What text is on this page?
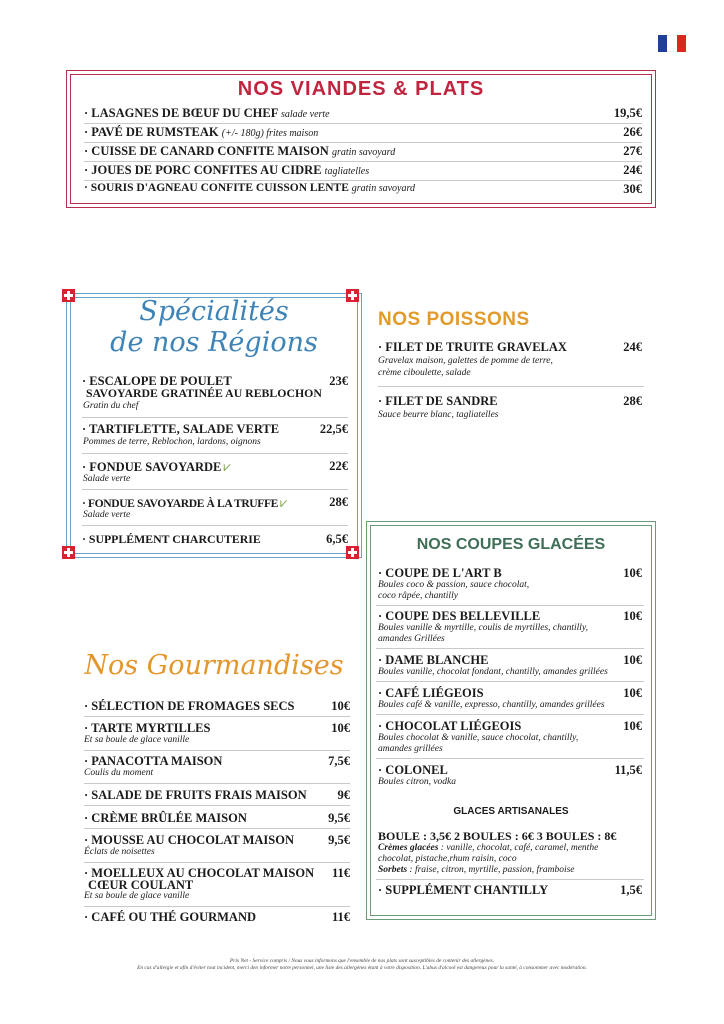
NOS VIANDES & PLATS
· LASAGNES DE BŒUF DU CHEF salade verte	19,5€
· PAVÉ DE RUMSTEAK (+/- 180g) frites maison	26€
· CUISSE DE CANARD CONFITE MAISON gratin savoyard	27€
· JOUES DE PORC CONFITES AU CIDRE tagliatelles	24€
· SOURIS D'AGNEAU CONFITE CUISSON LENTE gratin savoyard	30€
Spécialités
de nos Régions
· ESCALOPE DE POULET	23€
SAVOYARDE GRATINÉE AU REBLOCHON
Gratin du chef
· TARTIFLETTE, SALADE VERTE	22,5€
Pommes de terre, Reblochon, lardons, oignons
· FONDUE SAVOYARDE ⩗	22€
Salade verte
· FONDUE SAVOYARDE À LA TRUFFE ⩗	28€
Salade verte
· SUPPLÉMENT CHARCUTERIE	6,5€
NOS POISSONS
· FILET DE TRUITE GRAVELAX	24€
Gravelax maison, galettes de pomme de terre,
crème ciboulette, salade
· FILET DE SANDRE	28€
Sauce beurre blanc, tagliatelles
Nos Gourmandises
· SÉLECTION DE FROMAGES SECS	10€
· TARTE MYRTILLES	10€
Et sa boule de glace vanille
· PANACOTTA MAISON	7,5€
Coulis du moment
· SALADE DE FRUITS FRAIS MAISON 9€
· CRÈME BRÛLÉE MAISON	9,5€
· MOUSSE AU CHOCOLAT MAISON	9,5€
Éclats de noisettes
· MOELLEUX AU CHOCOLAT MAISON 11€
CŒUR COULANT
Et sa boule de glace vanille
· CAFÉ OU THÉ GOURMAND	11€
NOS COUPES GLACÉES
· COUPE DE L'ART B	10€
Boules coco & passion, sauce chocolat,
coco râpée, chantilly
· COUPE DES BELLEVILLE	10€
Boules vanille & myrtille, coulis de myrtilles, chantilly,
amandes Grillées
· DAME BLANCHE	10€
Boules vanille, chocolat fondant, chantilly, amandes grillées
· CAFÉ LIÉGEOIS	10€
Boules café & vanille, expresso, chantilly, amandes grillées
· CHOCOLAT LIÉGEOIS	10€
Boules chocolat & vanille, sauce chocolat, chantilly,
amandes grillées
· COLONEL	11,5€
Boules citron, vodka
GLACES ARTISANALES
BOULE : 3,5€ 2 BOULES : 6€ 3 BOULES : 8€
Crèmes glacées : vanille, chocolat, café, caramel, menthe
chocolat, pistache,rhum raisin, coco
Sorbets : fraise, citron, myrtille, passion, framboise
· SUPPLÉMENT CHANTILLY	1,5€
Prix Net - Service compris / Nous vous informons que l'ensemble de nos plats sont susceptibles de contenir des allergènes.
En cas d'allergie et afin d'éviter tout incident, merci den informer notre personnel, une liste des allergènes étant à votre disposition. L'abus d'alcool est dangereux pour la santé, à consommer avec modération.
